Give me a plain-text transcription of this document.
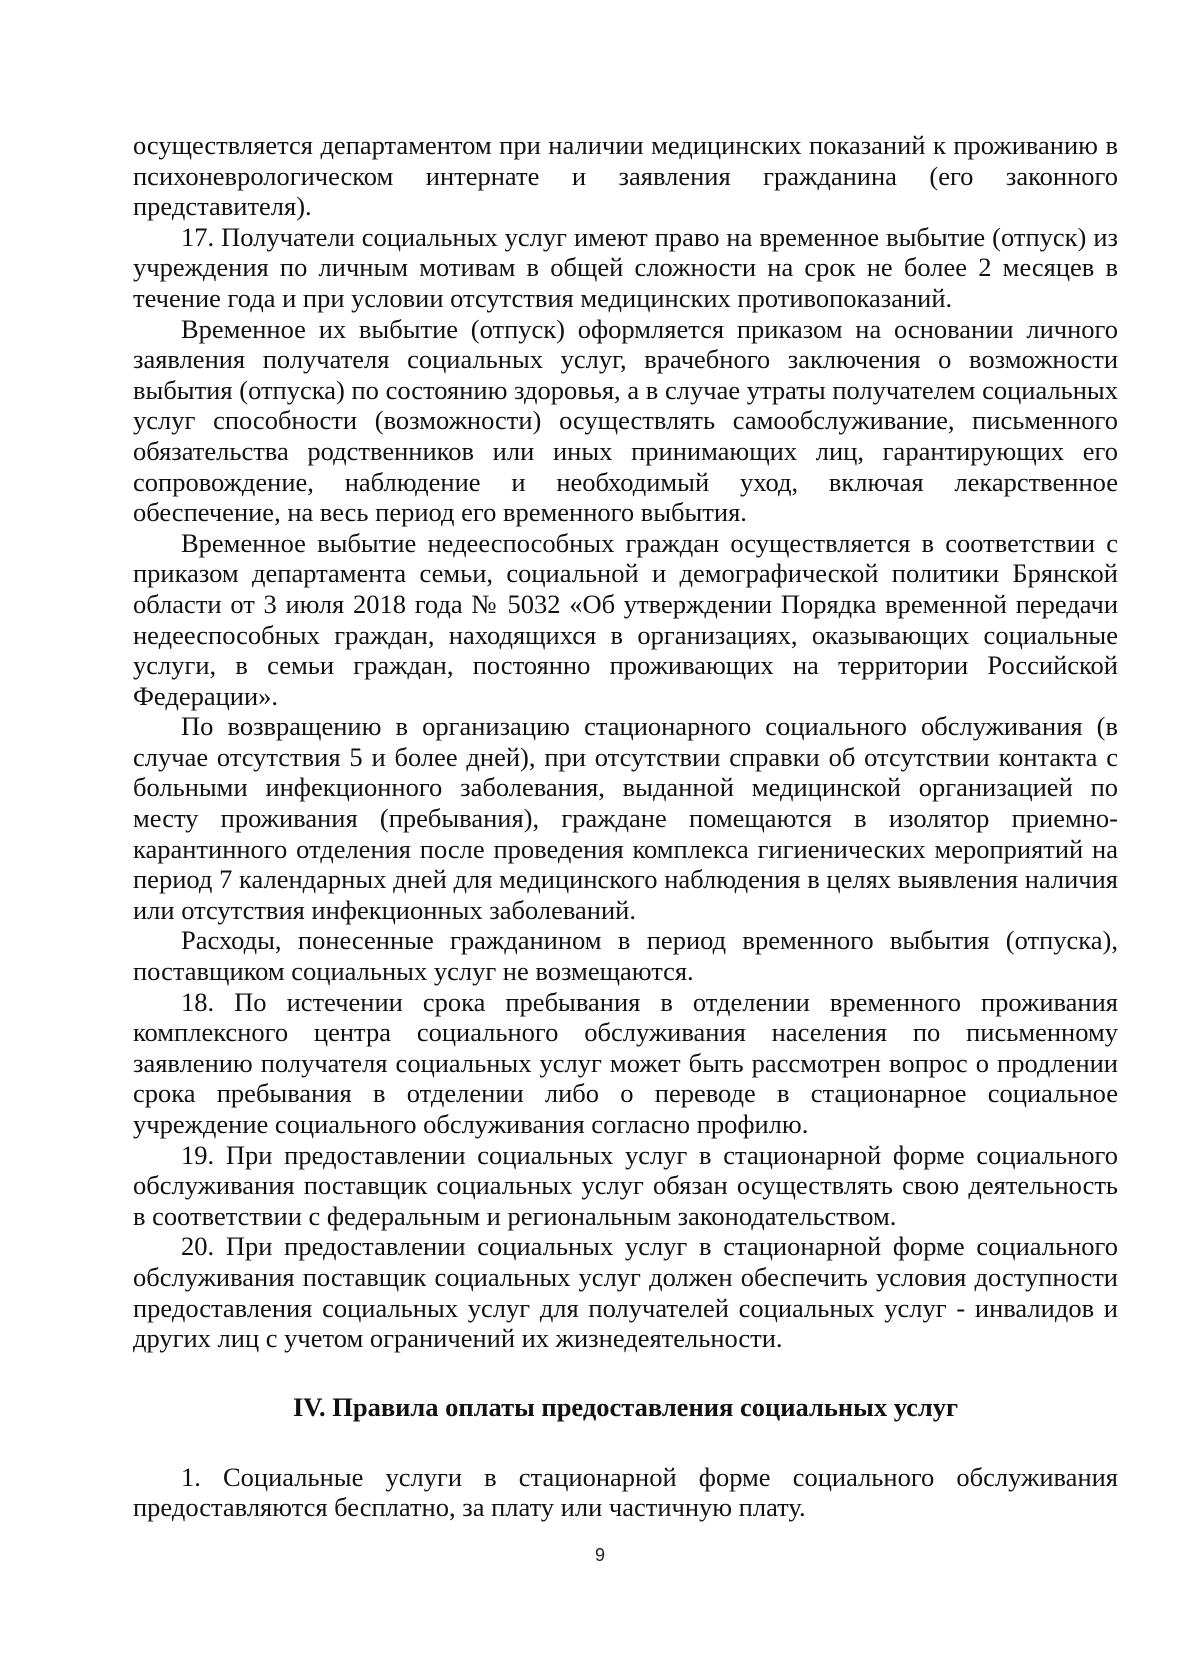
осуществляется департаментом при наличии медицинских показаний к проживанию в психоневрологическом интернате и заявления гражданина (его законного представителя).

17. Получатели социальных услуг имеют право на временное выбытие (отпуск) из учреждения по личным мотивам в общей сложности на срок не более 2 месяцев в течение года и при условии отсутствия медицинских противопоказаний.

Временное их выбытие (отпуск) оформляется приказом на основании личного заявления получателя социальных услуг, врачебного заключения о возможности выбытия (отпуска) по состоянию здоровья, а в случае утраты получателем социальных услуг способности (возможности) осуществлять самообслуживание, письменного обязательства родственников или иных принимающих лиц, гарантирующих его сопровождение, наблюдение и необходимый уход, включая лекарственное обеспечение, на весь период его временного выбытия.

Временное выбытие недееспособных граждан осуществляется в соответствии с приказом департамента семьи, социальной и демографической политики Брянской области от 3 июля 2018 года № 5032 «Об утверждении Порядка временной передачи недееспособных граждан, находящихся в организациях, оказывающих социальные услуги, в семьи граждан, постоянно проживающих на территории Российской Федерации».

По возвращению в организацию стационарного социального обслуживания (в случае отсутствия 5 и более дней), при отсутствии справки об отсутствии контакта с больными инфекционного заболевания, выданной медицинской организацией по месту проживания (пребывания), граждане помещаются в изолятор приемно-карантинного отделения после проведения комплекса гигиенических мероприятий на период 7 календарных дней для медицинского наблюдения в целях выявления наличия или отсутствия инфекционных заболеваний.

Расходы, понесенные гражданином в период временного выбытия (отпуска), поставщиком социальных услуг не возмещаются.

18. По истечении срока пребывания в отделении временного проживания комплексного центра социального обслуживания населения по письменному заявлению получателя социальных услуг может быть рассмотрен вопрос о продлении срока пребывания в отделении либо о переводе в стационарное социальное учреждение социального обслуживания согласно профилю.

19. При предоставлении социальных услуг в стационарной форме социального обслуживания поставщик социальных услуг обязан осуществлять свою деятельность в соответствии с федеральным и региональным законодательством.

20. При предоставлении социальных услуг в стационарной форме социального обслуживания поставщик социальных услуг должен обеспечить условия доступности предоставления социальных услуг для получателей социальных услуг - инвалидов и других лиц с учетом ограничений их жизнедеятельности.

IV. Правила оплаты предоставления социальных услуг

1. Социальные услуги в стационарной форме социального обслуживания предоставляются бесплатно, за плату или частичную плату.

9
